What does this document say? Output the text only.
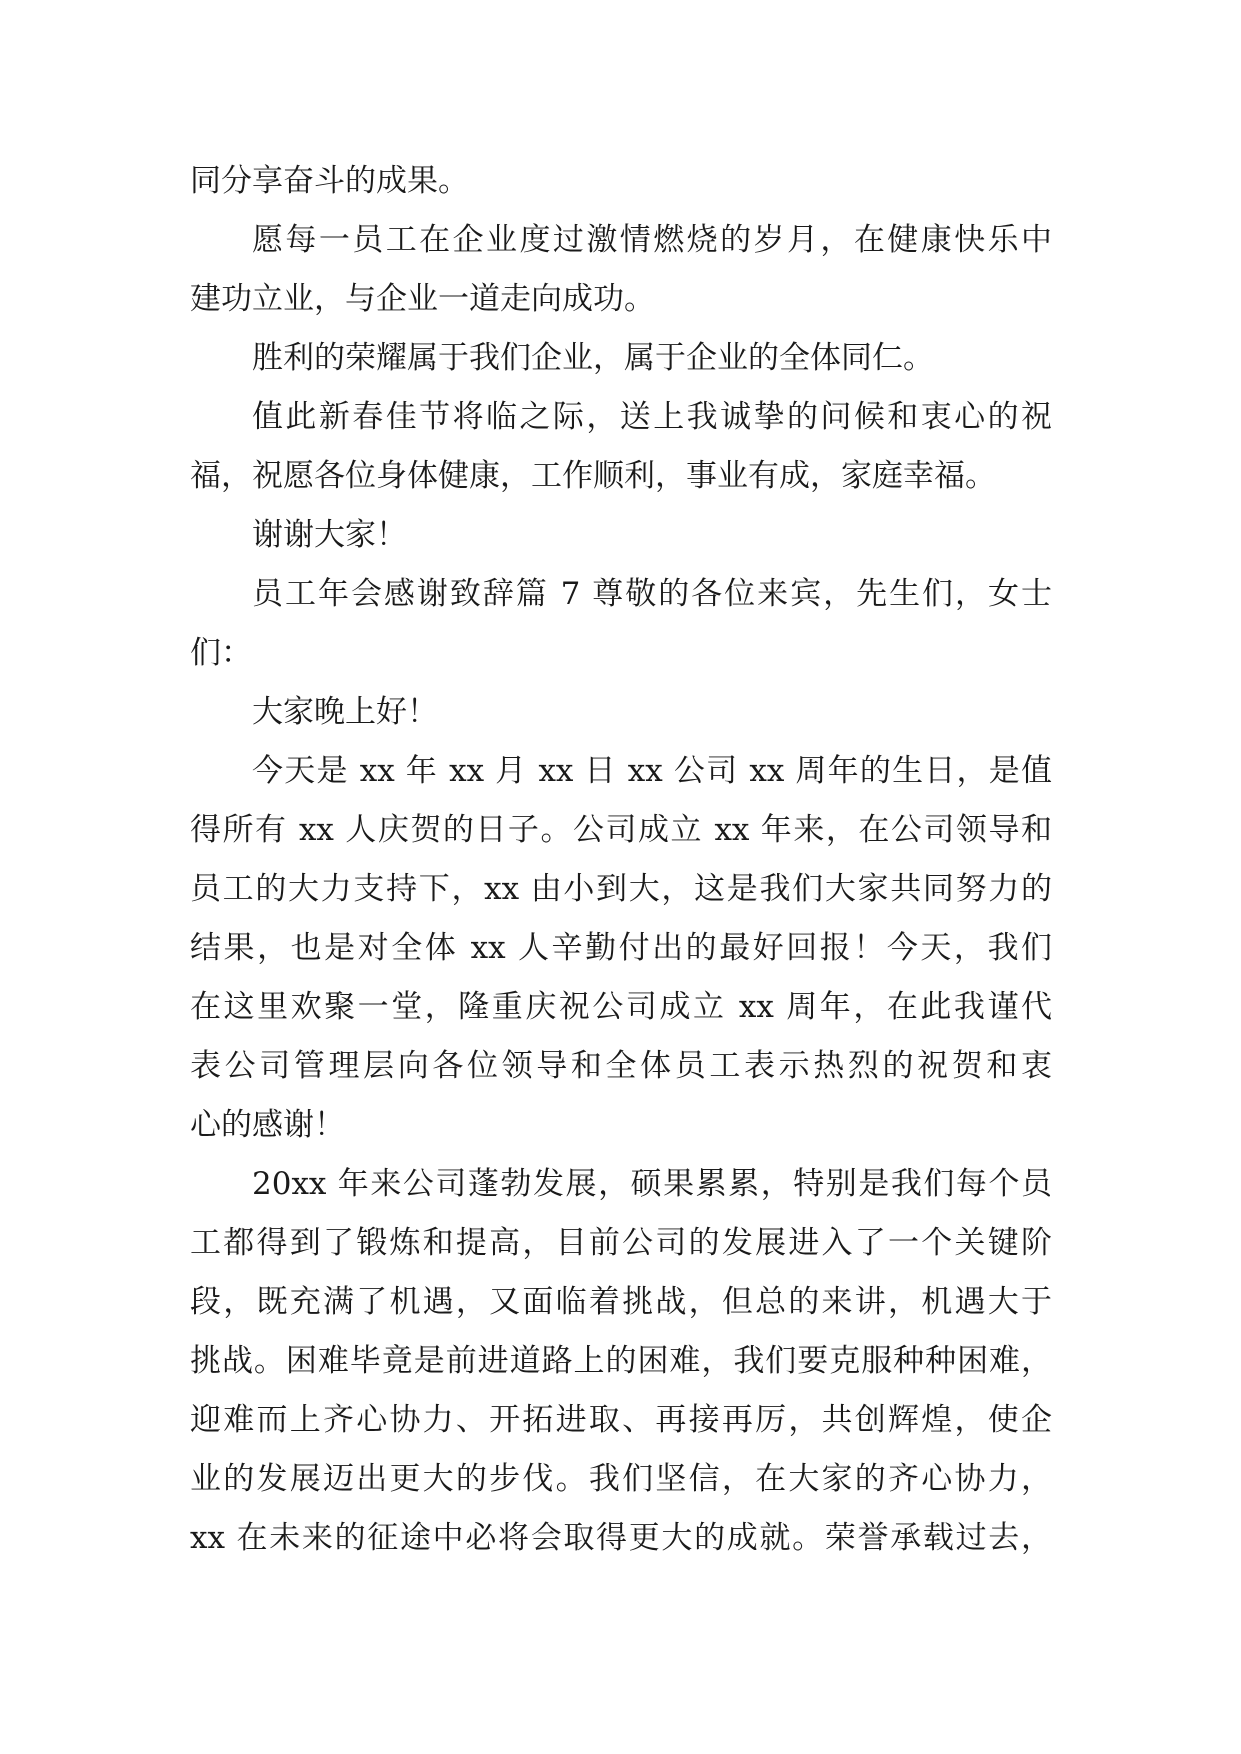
同分享奋斗的成果。
愿每一员工在企业度过激情燃烧的岁月，在健康快乐中
建功立业，与企业一道走向成功。
胜利的荣耀属于我们企业，属于企业的全体同仁。
值此新春佳节将临之际，送上我诚挚的问候和衷心的祝
福，祝愿各位身体健康，工作顺利，事业有成，家庭幸福。
谢谢大家！
员工年会感谢致辞篇 7 尊敬的各位来宾，先生们，女士
们：
大家晚上好！
今天是 xx 年 xx 月 xx 日 xx 公司 xx 周年的生日，是值
得所有 xx 人庆贺的日子。公司成立 xx 年来，在公司领导和
员工的大力支持下，xx 由小到大，这是我们大家共同努力的
结果，也是对全体 xx 人辛勤付出的最好回报！今天，我们
在这里欢聚一堂，隆重庆祝公司成立 xx 周年，在此我谨代
表公司管理层向各位领导和全体员工表示热烈的祝贺和衷
心的感谢！
20xx 年来公司蓬勃发展，硕果累累，特别是我们每个员
工都得到了锻炼和提高，目前公司的发展进入了一个关键阶
段，既充满了机遇，又面临着挑战，但总的来讲，机遇大于
挑战。困难毕竟是前进道路上的困难，我们要克服种种困难，
迎难而上齐心协力、开拓进取、再接再厉，共创辉煌，使企
业的发展迈出更大的步伐。我们坚信，在大家的齐心协力，
xx 在未来的征途中必将会取得更大的成就。荣誉承载过去，
